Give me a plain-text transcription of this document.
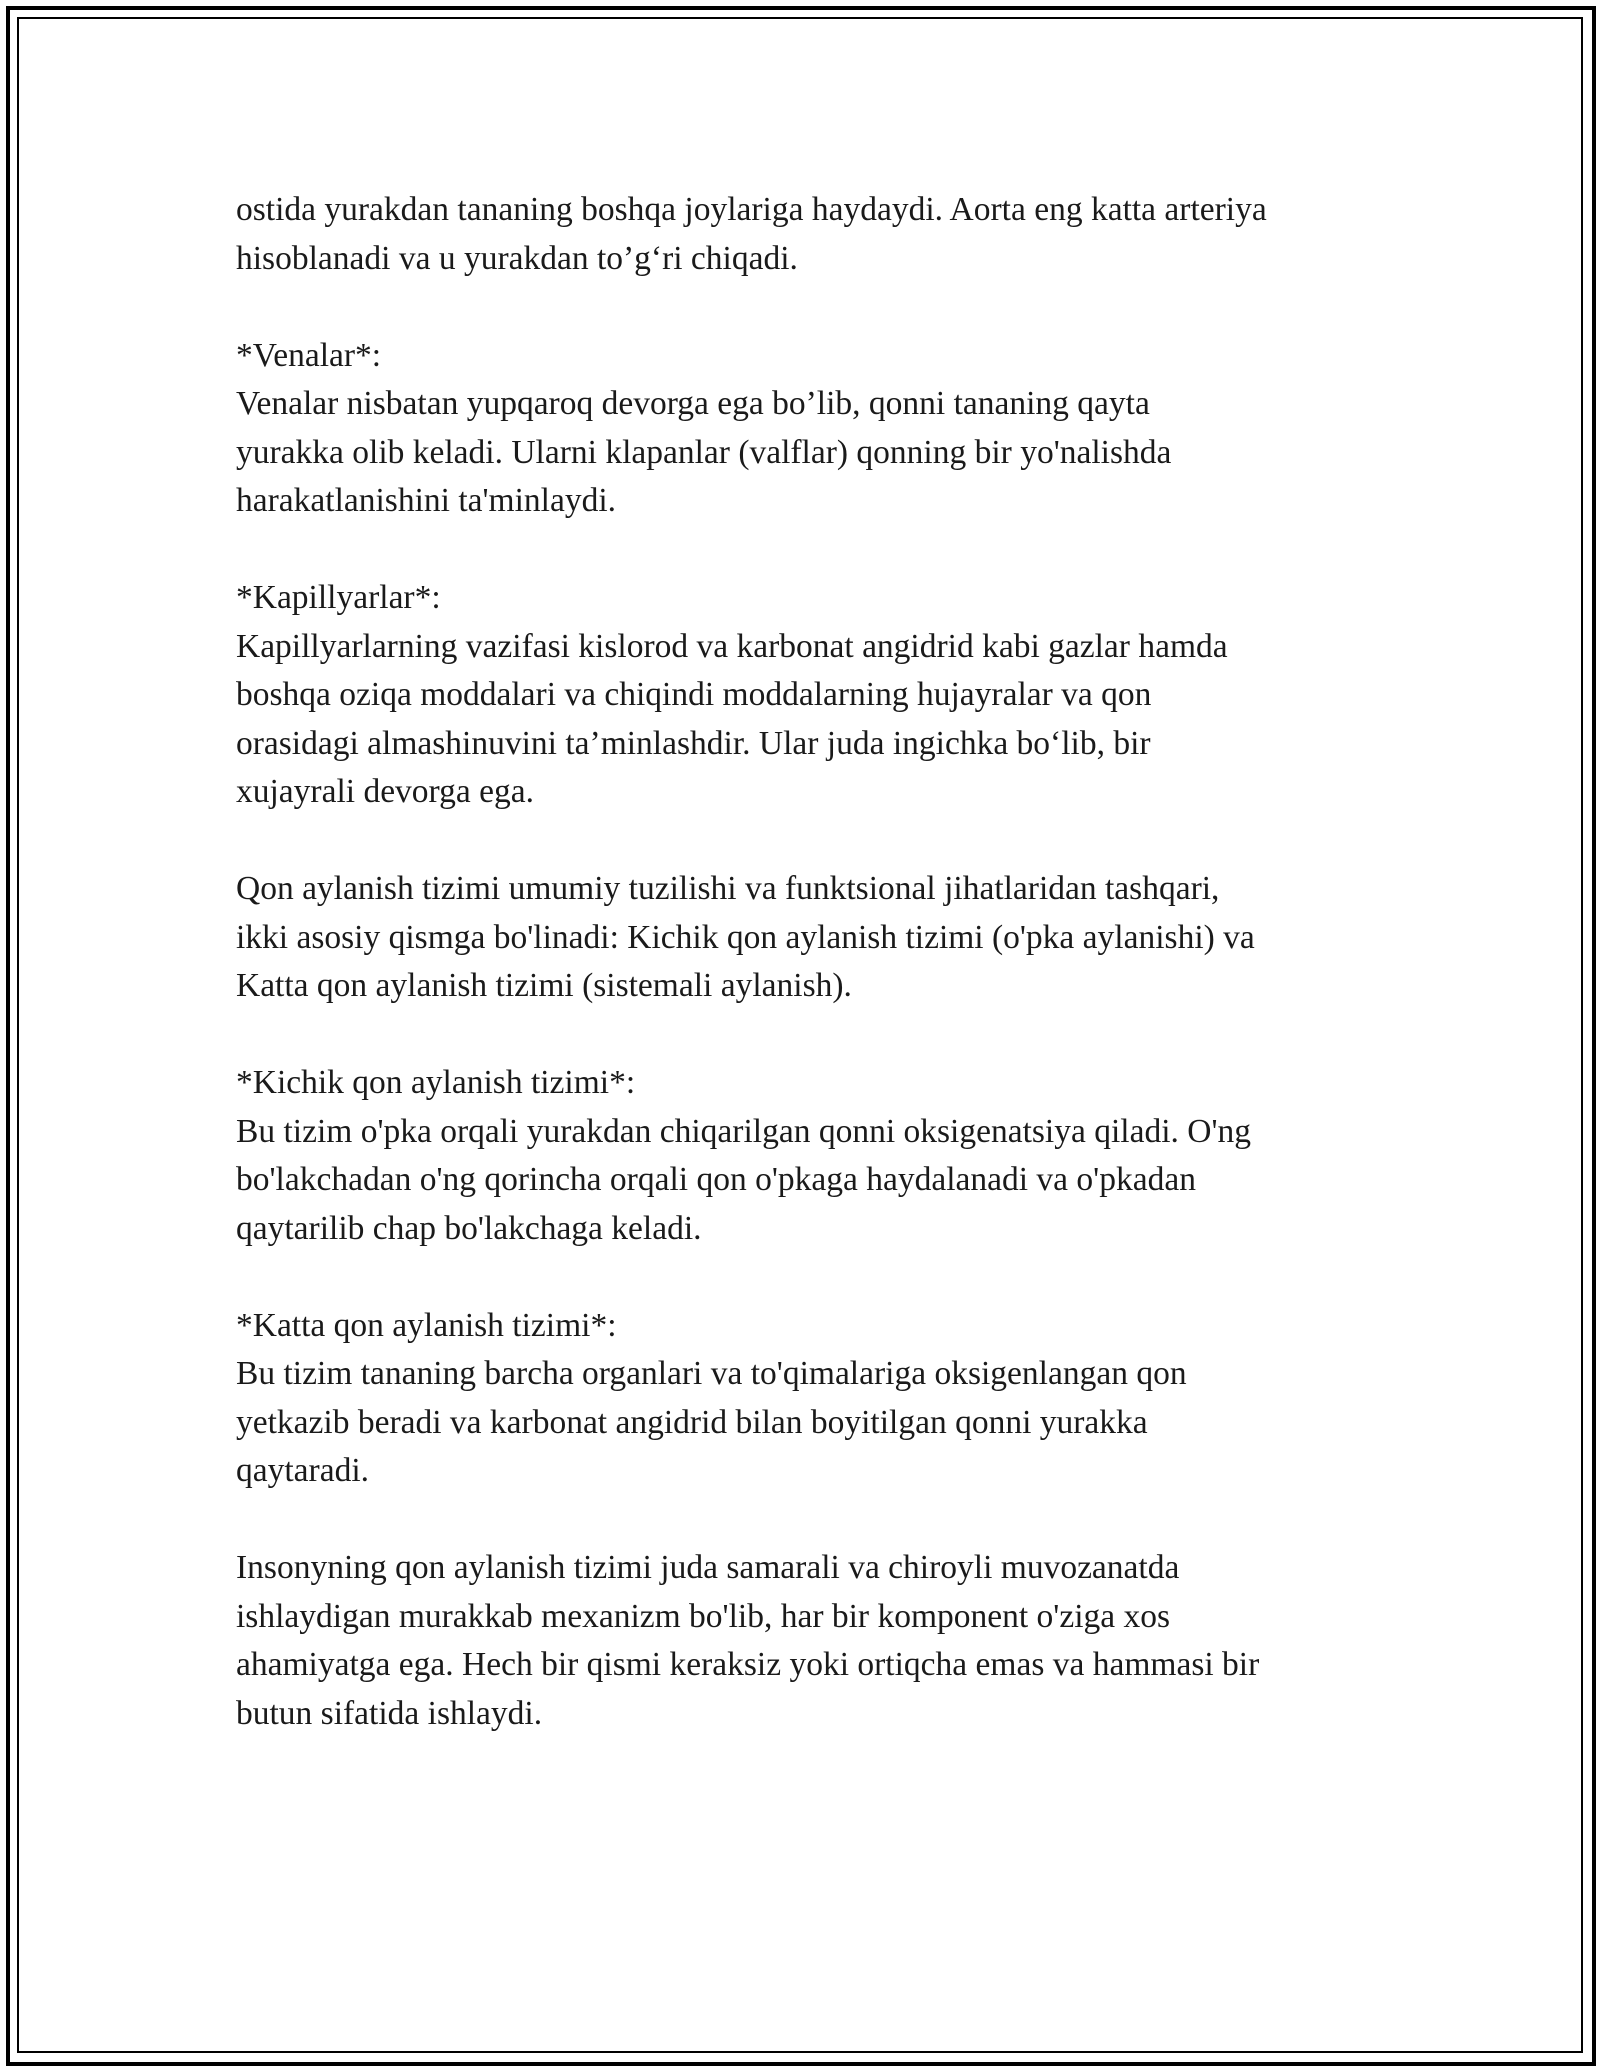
ostida yurakdan tananing boshqa joylariga haydaydi. Aorta eng katta arteriya
hisoblanadi va u yurakdan to’g‘ri chiqadi.
*Venalar*:
Venalar nisbatan yupqaroq devorga ega bo’lib, qonni tananing qayta
yurakka olib keladi. Ularni klapanlar (valflar) qonning bir yo'nalishda
harakatlanishini ta'minlaydi.
*Kapillyarlar*:
Kapillyarlarning vazifasi kislorod va karbonat angidrid kabi gazlar hamda
boshqa oziqa moddalari va chiqindi moddalarning hujayralar va qon
orasidagi almashinuvini ta’minlashdir. Ular juda ingichka bo‘lib, bir
xujayrali devorga ega.
Qon aylanish tizimi umumiy tuzilishi va funktsional jihatlaridan tashqari,
ikki asosiy qismga bo'linadi: Kichik qon aylanish tizimi (o'pka aylanishi) va
Katta qon aylanish tizimi (sistemali aylanish).
*Kichik qon aylanish tizimi*:
Bu tizim o'pka orqali yurakdan chiqarilgan qonni oksigenatsiya qiladi. O'ng
bo'lakchadan o'ng qorincha orqali qon o'pkaga haydalanadi va o'pkadan
qaytarilib chap bo'lakchaga keladi.
*Katta qon aylanish tizimi*:
Bu tizim tananing barcha organlari va to'qimalariga oksigenlangan qon
yetkazib beradi va karbonat angidrid bilan boyitilgan qonni yurakka
qaytaradi.
Insonyning qon aylanish tizimi juda samarali va chiroyli muvozanatda
ishlaydigan murakkab mexanizm bo'lib, har bir komponent o'ziga xos
ahamiyatga ega. Hech bir qismi keraksiz yoki ortiqcha emas va hammasi bir
butun sifatida ishlaydi.
